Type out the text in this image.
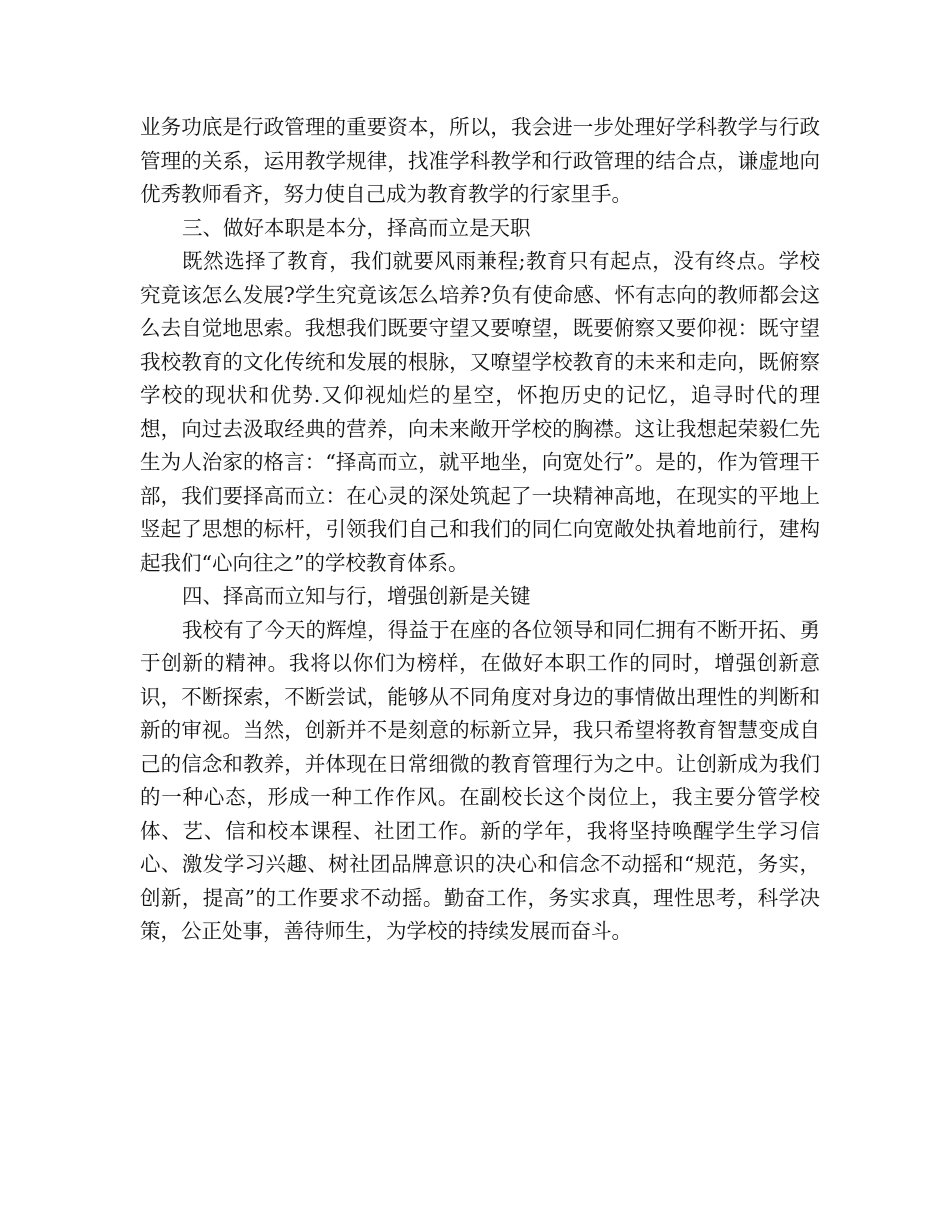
业务功底是行政管理的重要资本，所以，我会进一步处理好学科教学与行政管理的关系，运用教学规律，找准学科教学和行政管理的结合点，谦虚地向优秀教师看齐，努力使自己成为教育教学的行家里手。

三、做好本职是本分，择高而立是天职

既然选择了教育，我们就要风雨兼程;教育只有起点，没有终点。学校究竟该怎么发展?学生究竟该怎么培养?负有使命感、怀有志向的教师都会这么去自觉地思索。我想我们既要守望又要嘹望，既要俯察又要仰视：既守望我校教育的文化传统和发展的根脉，又嘹望学校教育的未来和走向，既俯察学校的现状和优势.又仰视灿烂的星空，怀抱历史的记忆，追寻时代的理想，向过去汲取经典的营养，向未来敞开学校的胸襟。这让我想起荣毅仁先生为人治家的格言：“择高而立，就平地坐，向宽处行”。是的，作为管理干部，我们要择高而立：在心灵的深处筑起了一块精神高地，在现实的平地上竖起了思想的标杆，引领我们自己和我们的同仁向宽敞处执着地前行，建构起我们“心向往之”的学校教育体系。

四、择高而立知与行，增强创新是关键

我校有了今天的辉煌，得益于在座的各位领导和同仁拥有不断开拓、勇于创新的精神。我将以你们为榜样，在做好本职工作的同时，增强创新意识，不断探索，不断尝试，能够从不同角度对身边的事情做出理性的判断和新的审视。当然，创新并不是刻意的标新立异，我只希望将教育智慧变成自己的信念和教养，并体现在日常细微的教育管理行为之中。让创新成为我们的一种心态，形成一种工作作风。在副校长这个岗位上，我主要分管学校体、艺、信和校本课程、社团工作。新的学年，我将坚持唤醒学生学习信心、激发学习兴趣、树社团品牌意识的决心和信念不动摇和“规范，务实，创新，提高”的工作要求不动摇。勤奋工作，务实求真，理性思考，科学决策，公正处事，善待师生，为学校的持续发展而奋斗。
